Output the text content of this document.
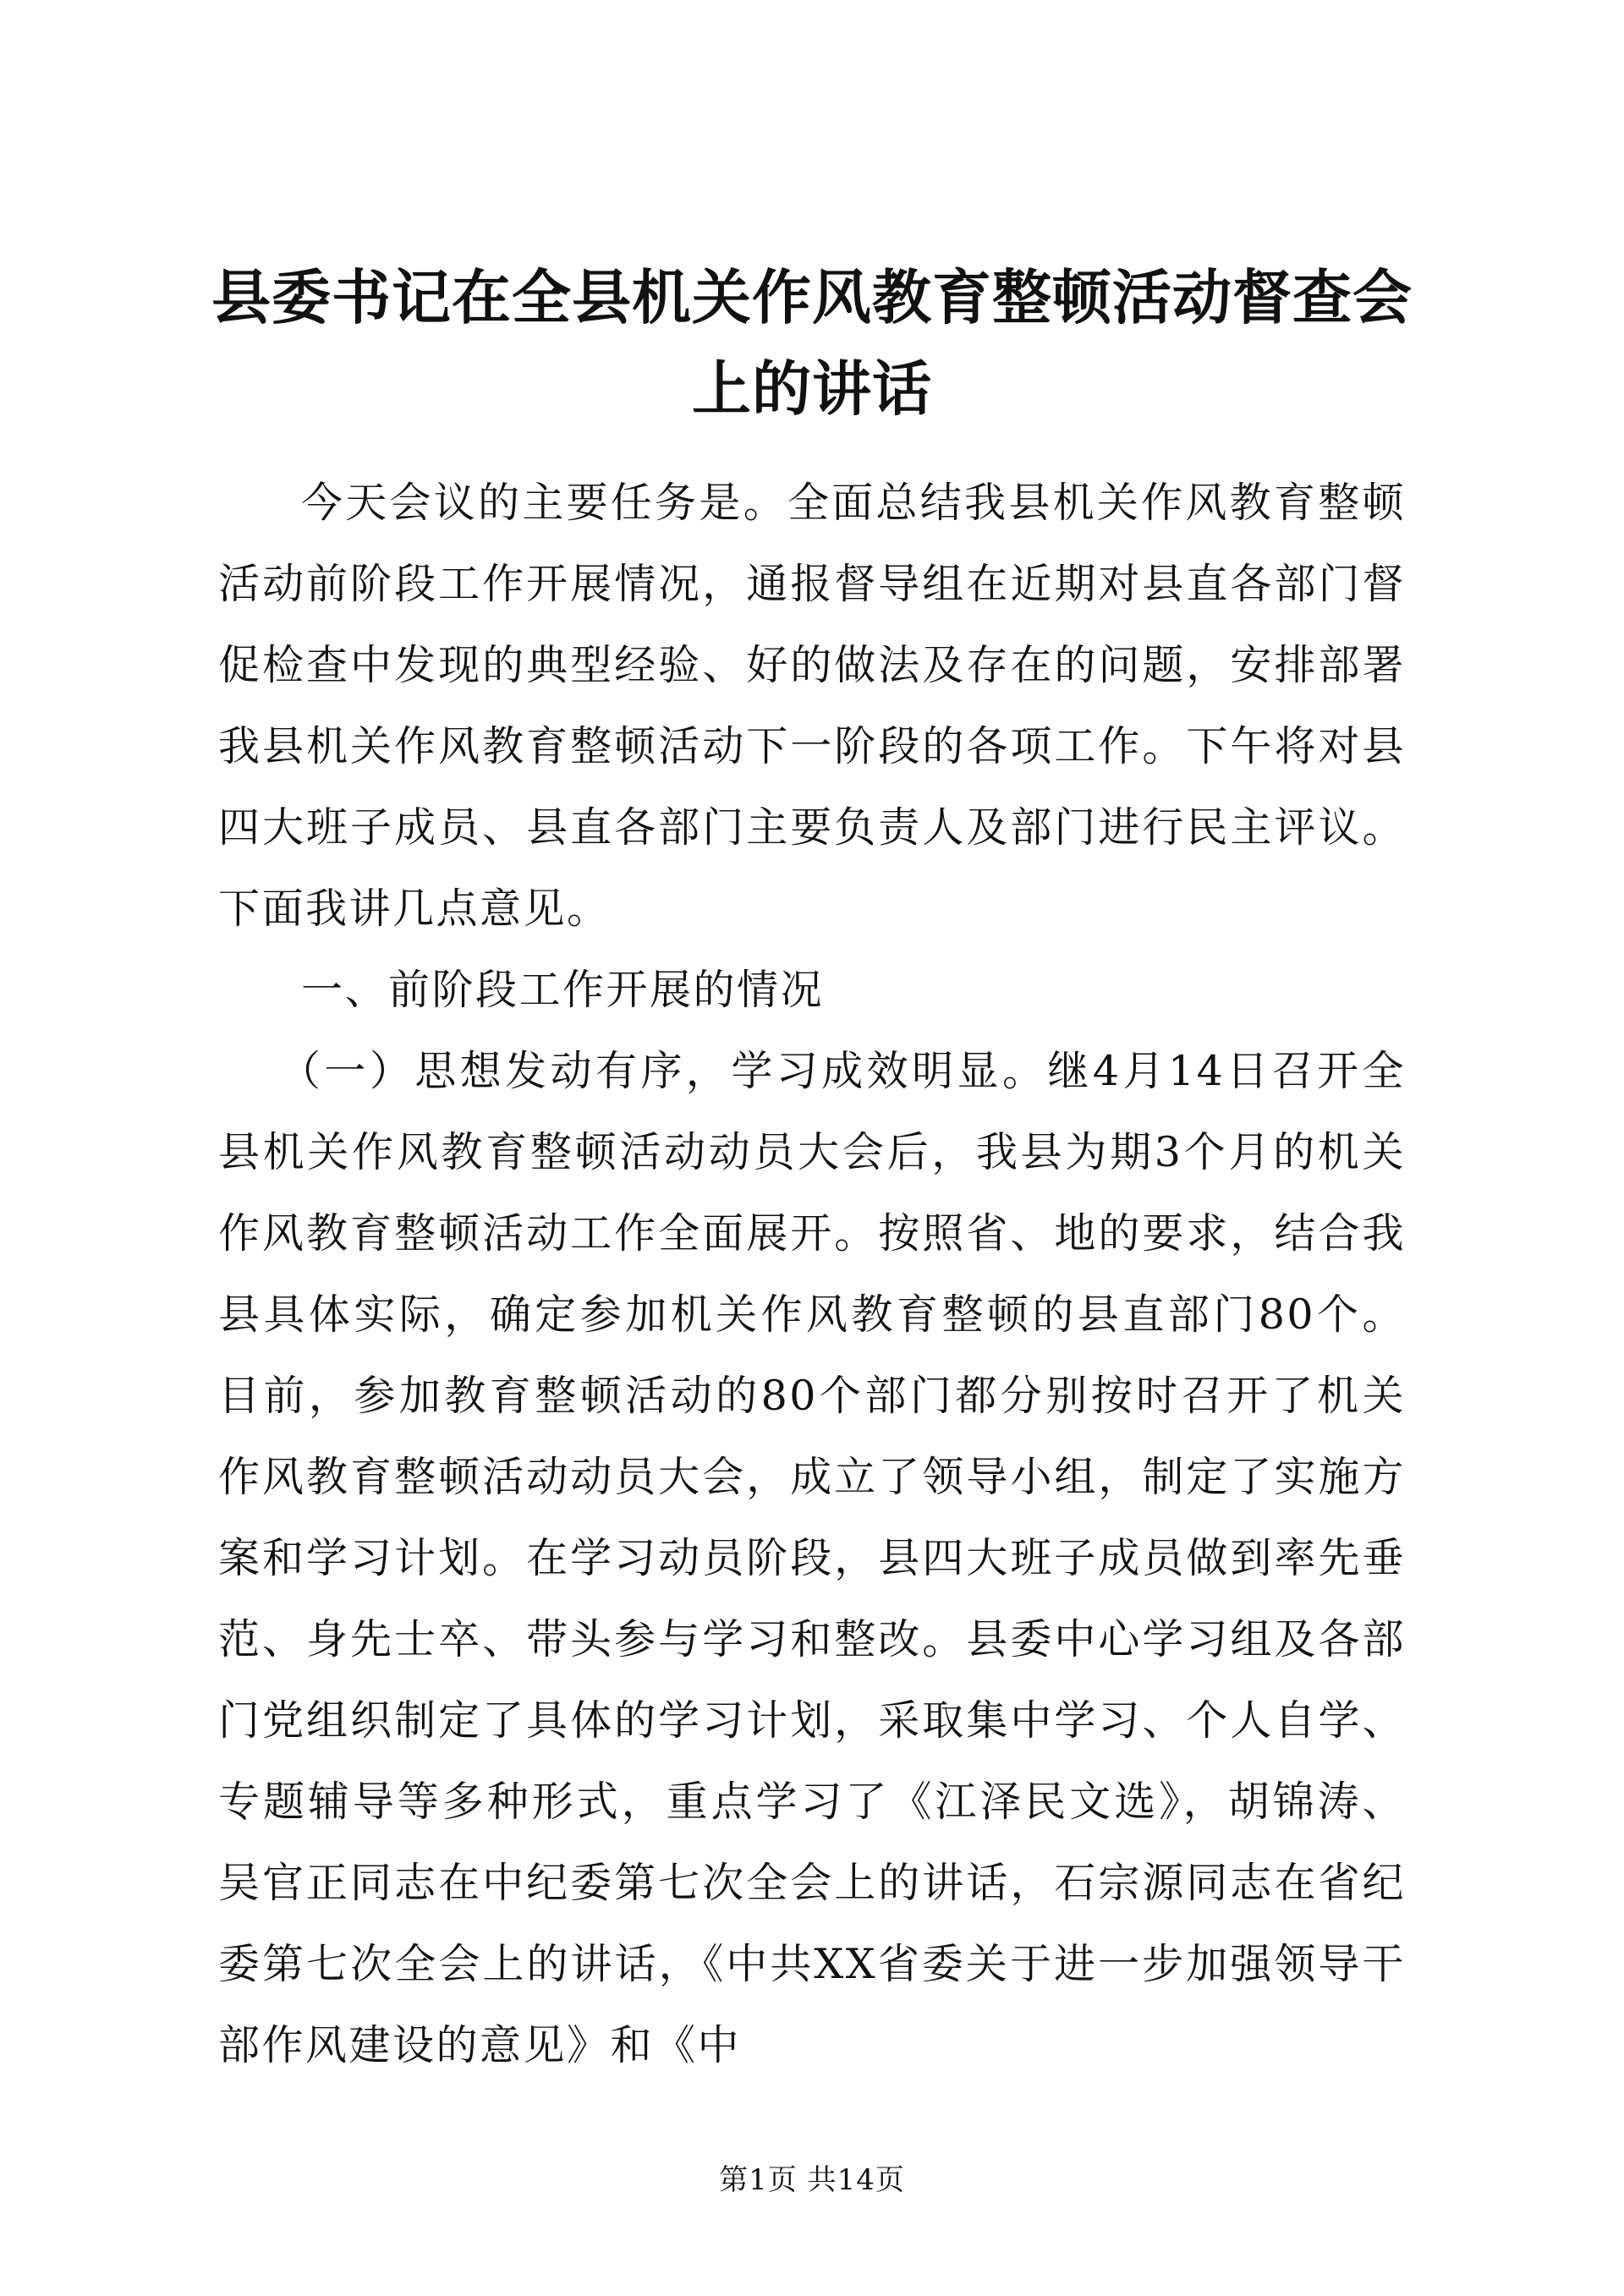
县委书记在全县机关作风教育整顿活动督查会上的讲话

今天会议的主要任务是。全面总结我县机关作风教育整顿活动前阶段工作开展情况，通报督导组在近期对县直各部门督促检查中发现的典型经验、好的做法及存在的问题，安排部署我县机关作风教育整顿活动下一阶段的各项工作。下午将对县四大班子成员、县直各部门主要负责人及部门进行民主评议。下面我讲几点意见。

一、前阶段工作开展的情况

（一）思想发动有序，学习成效明显。继4月14日召开全县机关作风教育整顿活动动员大会后，我县为期3个月的机关作风教育整顿活动工作全面展开。按照省、地的要求，结合我县具体实际，确定参加机关作风教育整顿的县直部门80个。目前，参加教育整顿活动的80个部门都分别按时召开了机关作风教育整顿活动动员大会，成立了领导小组，制定了实施方案和学习计划。在学习动员阶段，县四大班子成员做到率先垂范、身先士卒、带头参与学习和整改。县委中心学习组及各部门党组织制定了具体的学习计划，采取集中学习、个人自学、专题辅导等多种形式，重点学习了《江泽民文选》，胡锦涛、吴官正同志在中纪委第七次全会上的讲话，石宗源同志在省纪委第七次全会上的讲话，《中共XX省委关于进一步加强领导干部作风建设的意见》和《中

第1页 共14页
